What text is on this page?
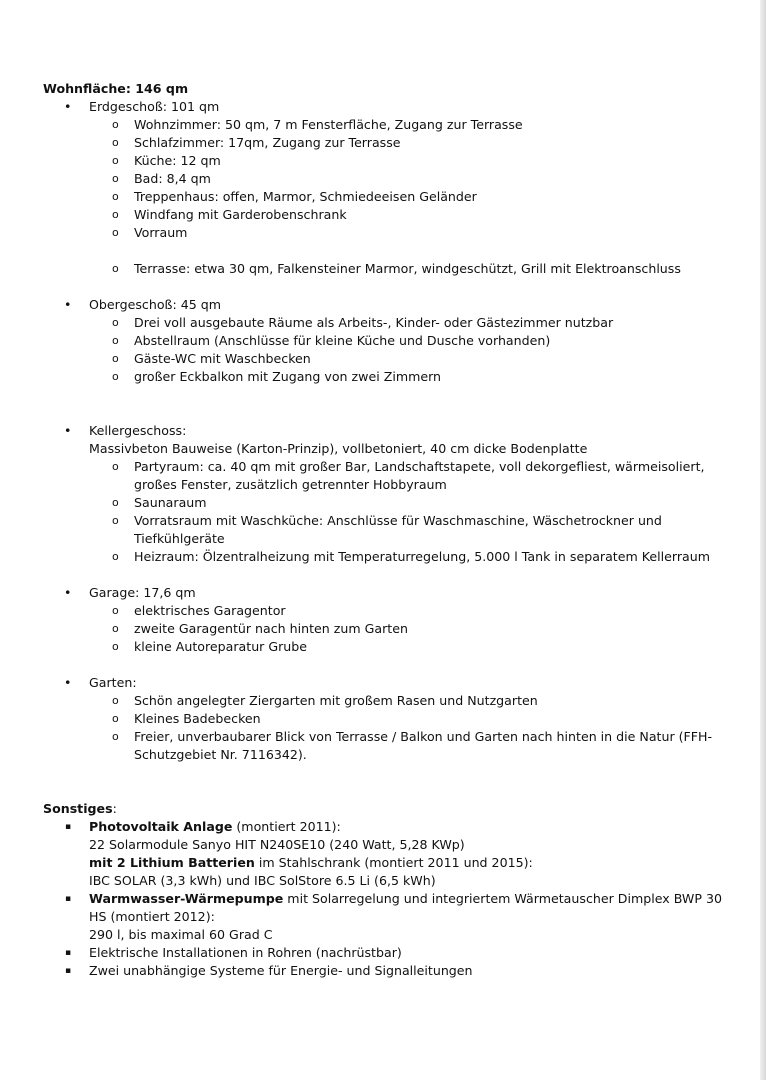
Wohnfläche: 146 qm
• Erdgeschoß: 101 qm
o Wohnzimmer: 50 qm, 7 m Fensterfläche, Zugang zur Terrasse
o Schlafzimmer: 17qm, Zugang zur Terrasse
o Küche: 12 qm
o Bad: 8,4 qm
o Treppenhaus: offen, Marmor, Schmiedeeisen Geländer
o Windfang mit Garderobenschrank
o Vorraum
o Terrasse: etwa 30 qm, Falkensteiner Marmor, windgeschützt, Grill mit Elektroanschluss
• Obergeschoß: 45 qm
o Drei voll ausgebaute Räume als Arbeits-, Kinder- oder Gästezimmer nutzbar
o Abstellraum (Anschlüsse für kleine Küche und Dusche vorhanden)
o Gäste-WC mit Waschbecken
o großer Eckbalkon mit Zugang von zwei Zimmern
• Kellergeschoss:
Massivbeton Bauweise (Karton-Prinzip), vollbetoniert, 40 cm dicke Bodenplatte
o Partyraum: ca. 40 qm mit großer Bar, Landschaftstapete, voll dekorgefliest, wärmeisoliert, großes Fenster, zusätzlich getrennter Hobbyraum
o Saunaraum
o Vorratsraum mit Waschküche: Anschlüsse für Waschmaschine, Wäschetrockner und Tiefkühlgeräte
o Heizraum: Ölzentralheizung mit Temperaturregelung, 5.000 l Tank in separatem Kellerraum
• Garage: 17,6 qm
o elektrisches Garagentor
o zweite Garagentür nach hinten zum Garten
o kleine Autoreparatur Grube
• Garten:
o Schön angelegter Ziergarten mit großem Rasen und Nutzgarten
o Kleines Badebecken
o Freier, unverbaubarer Blick von Terrasse / Balkon und Garten nach hinten in die Natur (FFH-Schutzgebiet Nr. 7116342).
Sonstiges:
▪ Photovoltaik Anlage (montiert 2011):
22 Solarmodule Sanyo HIT N240SE10 (240 Watt, 5,28 KWp)
mit 2 Lithium Batterien im Stahlschrank (montiert 2011 und 2015):
IBC SOLAR (3,3 kWh) und IBC SolStore 6.5 Li (6,5 kWh)
▪ Warmwasser-Wärmepumpe mit Solarregelung und integriertem Wärmetauscher Dimplex BWP 30 HS (montiert 2012):
290 l, bis maximal 60 Grad C
▪ Elektrische Installationen in Rohren (nachrüstbar)
▪ Zwei unabhängige Systeme für Energie- und Signalleitungen
